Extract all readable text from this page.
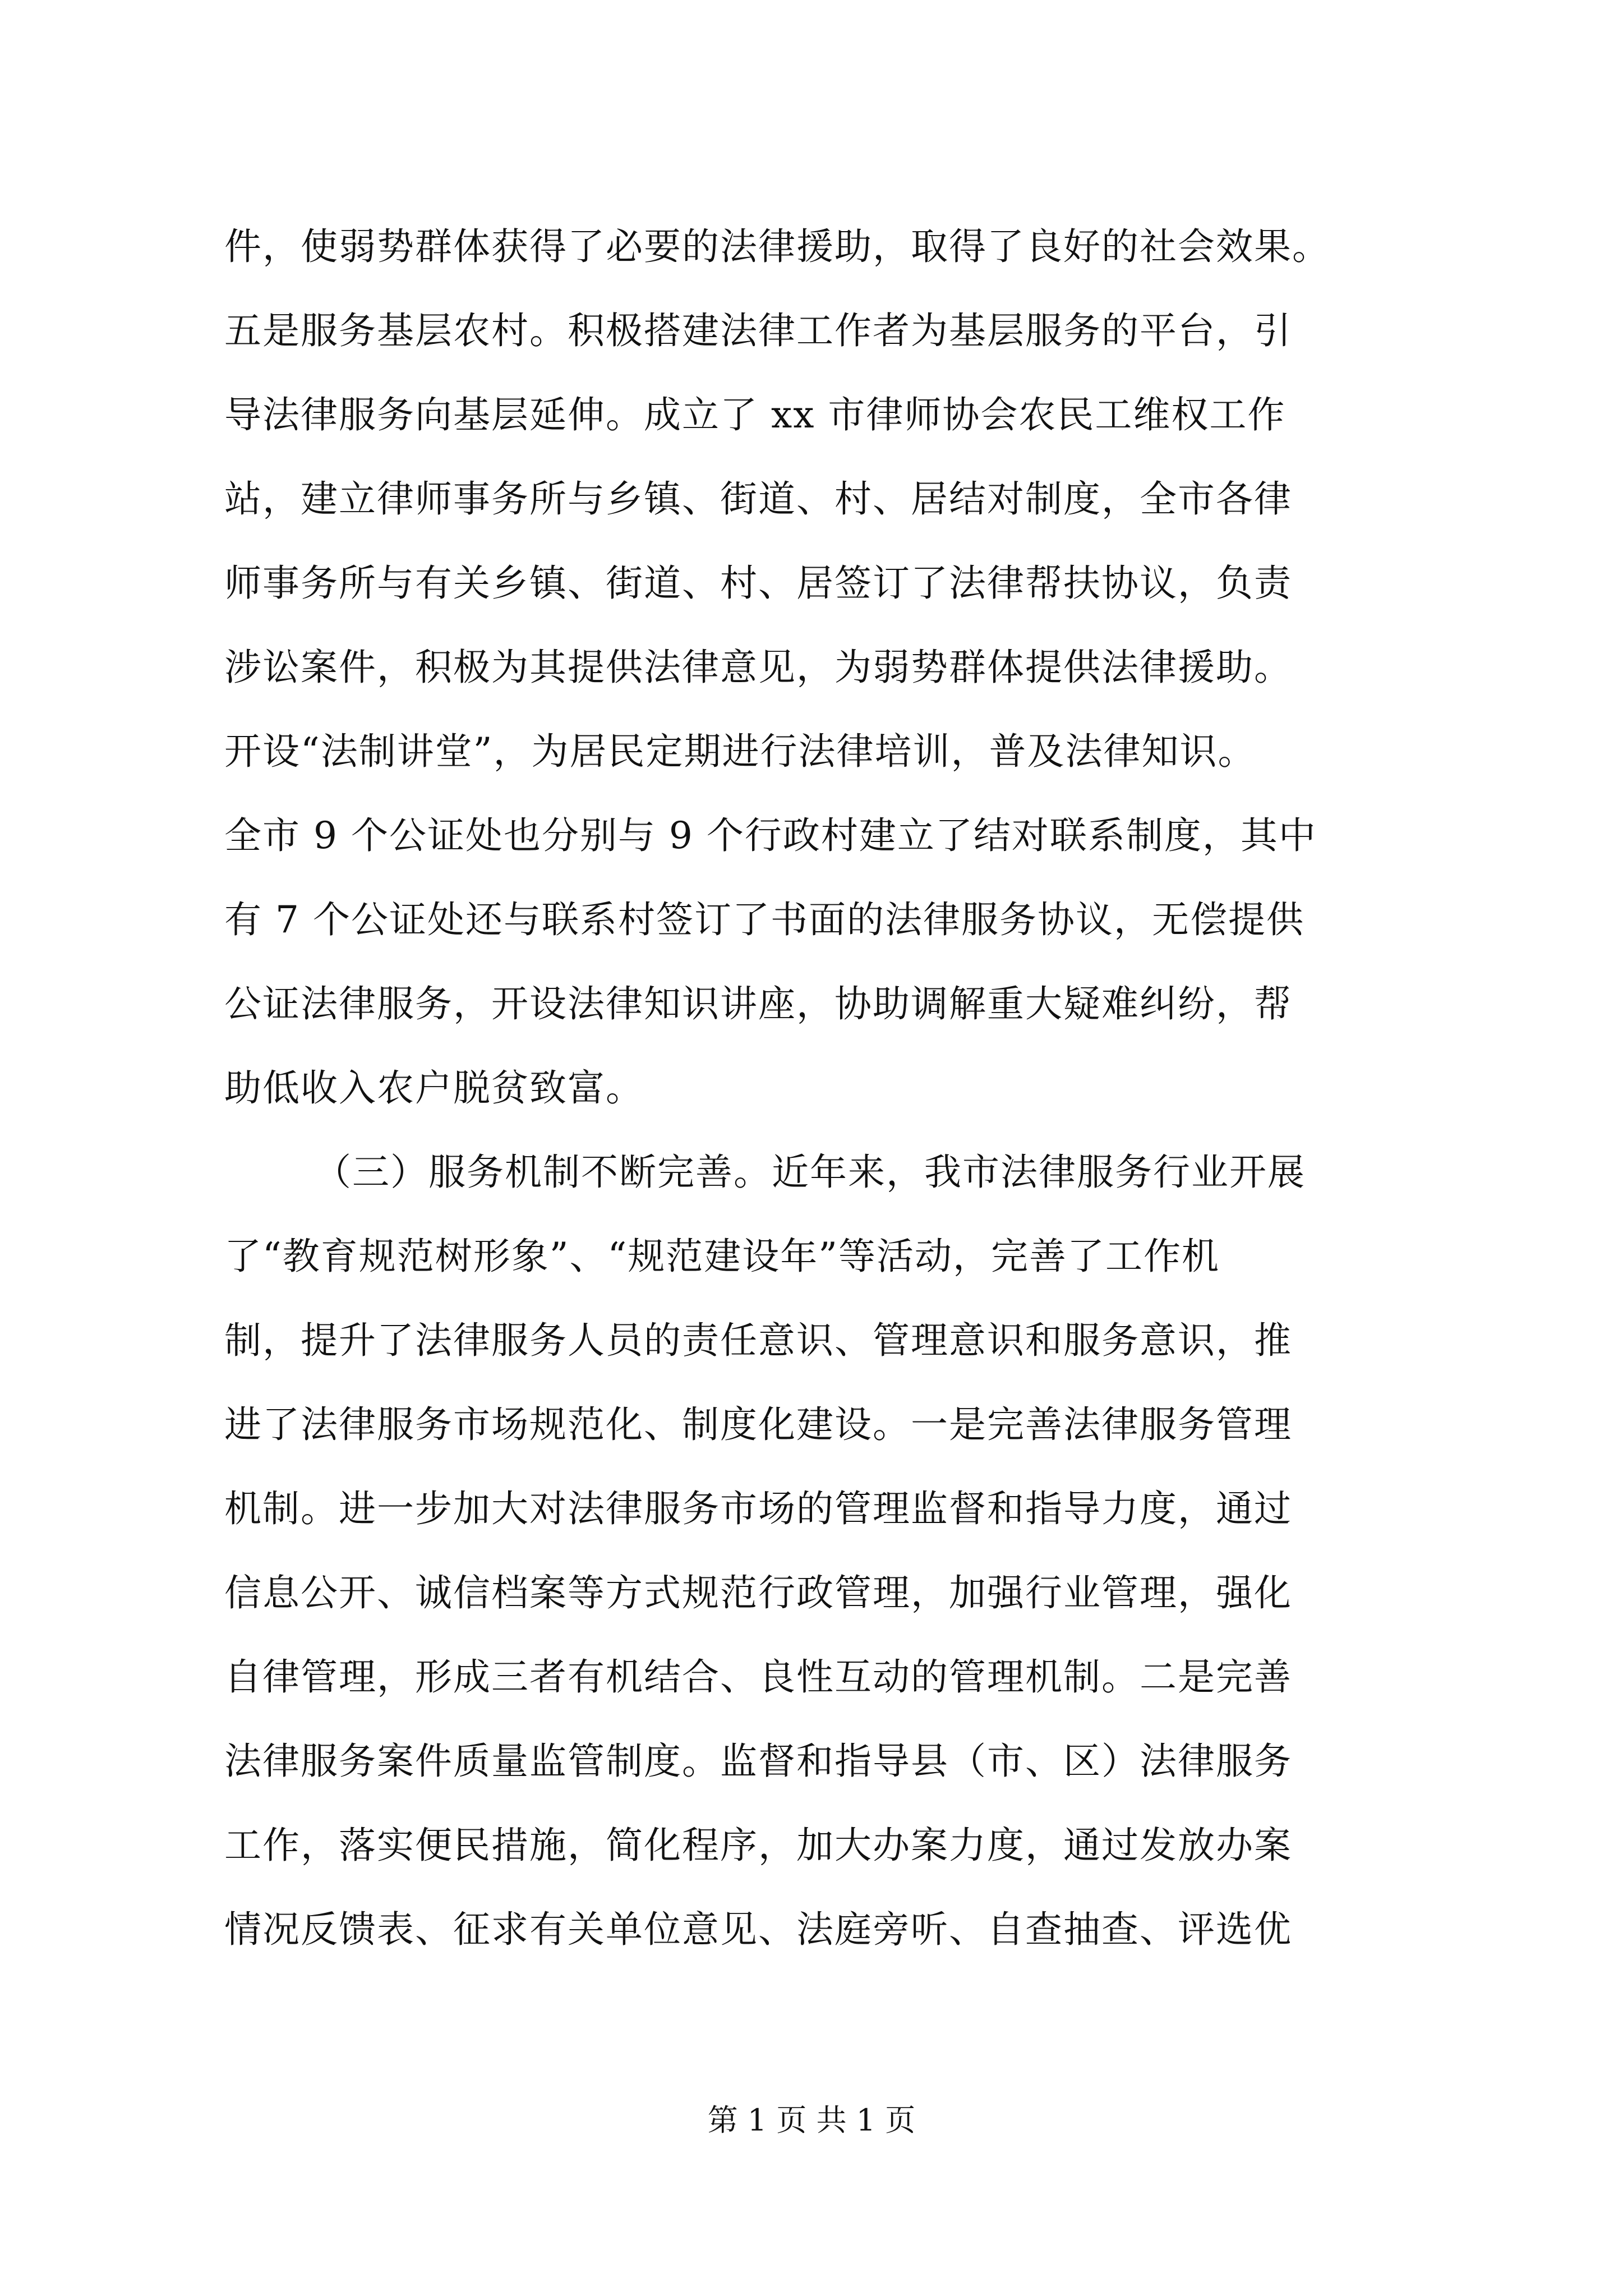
件，使弱势群体获得了必要的法律援助，取得了良好的社会效果。
五是服务基层农村。积极搭建法律工作者为基层服务的平台，引
导法律服务向基层延伸。成立了 xx 市律师协会农民工维权工作
站，建立律师事务所与乡镇、街道、村、居结对制度，全市各律
师事务所与有关乡镇、街道、村、居签订了法律帮扶协议，负责
涉讼案件，积极为其提供法律意见，为弱势群体提供法律援助。
开设“法制讲堂”，为居民定期进行法律培训，普及法律知识。
全市 9 个公证处也分别与 9 个行政村建立了结对联系制度，其中
有 7 个公证处还与联系村签订了书面的法律服务协议，无偿提供
公证法律服务，开设法律知识讲座，协助调解重大疑难纠纷，帮
助低收入农户脱贫致富。
（三）服务机制不断完善。近年来，我市法律服务行业开展
了“教育规范树形象”、“规范建设年”等活动，完善了工作机
制，提升了法律服务人员的责任意识、管理意识和服务意识，推
进了法律服务市场规范化、制度化建设。一是完善法律服务管理
机制。进一步加大对法律服务市场的管理监督和指导力度，通过
信息公开、诚信档案等方式规范行政管理，加强行业管理，强化
自律管理，形成三者有机结合、良性互动的管理机制。二是完善
法律服务案件质量监管制度。监督和指导县（市、区）法律服务
工作，落实便民措施，简化程序，加大办案力度，通过发放办案
情况反馈表、征求有关单位意见、法庭旁听、自查抽查、评选优
第 1 页 共 1 页
